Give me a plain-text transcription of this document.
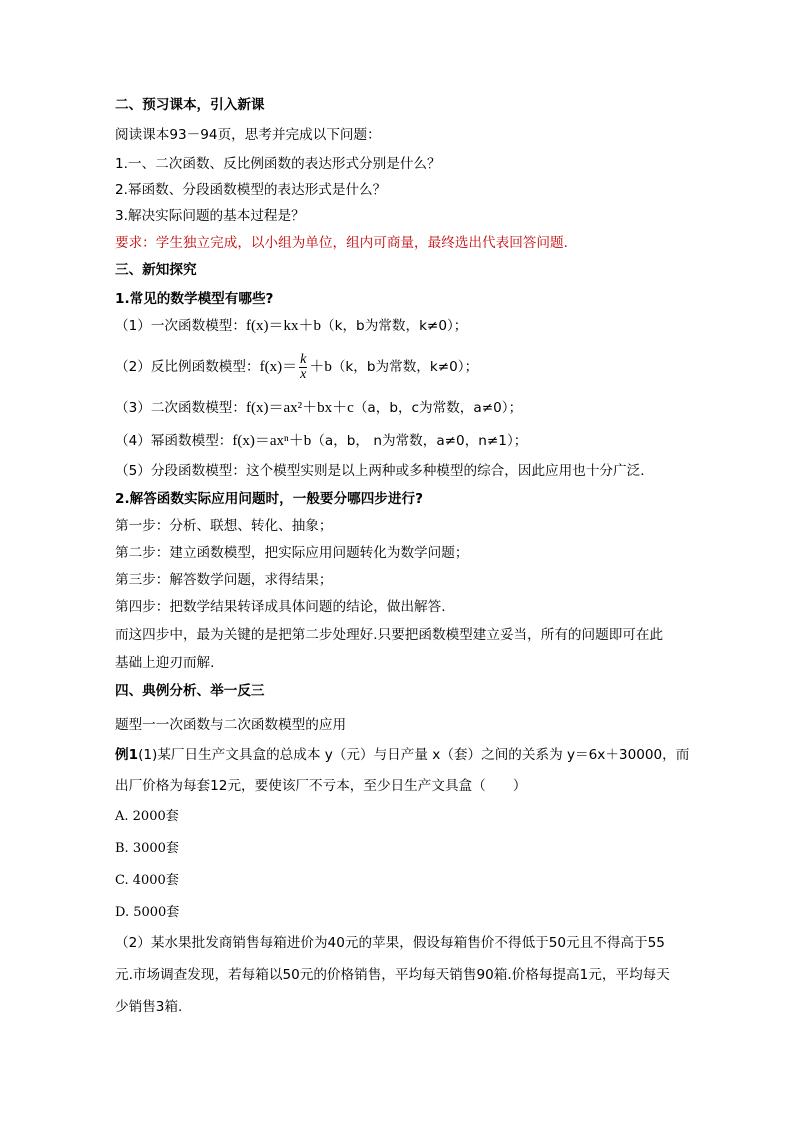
二、预习课本，引入新课
阅读课本93－94页，思考并完成以下问题：
1.一、二次函数、反比例函数的表达形式分别是什么？
2.幂函数、分段函数模型的表达形式是什么？
3.解决实际问题的基本过程是？
要求：学生独立完成，以小组为单位，组内可商量，最终选出代表回答问题.
三、新知探究
1.常见的数学模型有哪些?
（1）一次函数模型：f(x)＝kx＋b（k，b为常数，k≠0）；
（2）反比例函数模型：$f(x)= \frac{k}{x} +b(k$，b为常数，k≠0）；
（3）二次函数模型：f(x)＝ax²＋bx＋c（a，b，c为常数，a≠0）；
（4）幂函数模型：f(x)＝axⁿ＋b（a，b， n为常数，a≠0，n≠1）；
（5）分段函数模型：这个模型实则是以上两种或多种模型的综合，因此应用也十分广泛.
2.解答函数实际应用问题时，一般要分哪四步进行?
第一步：分析、联想、转化、抽象；
第二步：建立函数模型，把实际应用问题转化为数学问题；
第三步：解答数学问题，求得结果；
第四步：把数学结果转译成具体问题的结论，做出解答.
而这四步中，最为关键的是把第二步处理好.只要把函数模型建立妥当，所有的问题即可在此
基础上迎刃而解.
四、典例分析、举一反三
题型一一次函数与二次函数模型的应用
例1(1)某厂日生产文具盒的总成本 y（元）与日产量 x（套）之间的关系为 y＝6x＋30000，而
出厂价格为每套12元，要使该厂不亏本，至少日生产文具盒（　　）
A. 2000套
B. 3000套
C. 4000套
D. 5000套
（2）某水果批发商销售每箱进价为40元的苹果，假设每箱售价不得低于50元且不得高于55
元.市场调查发现，若每箱以50元的价格销售，平均每天销售90箱.价格每提高1元，平均每天
少销售3箱.
